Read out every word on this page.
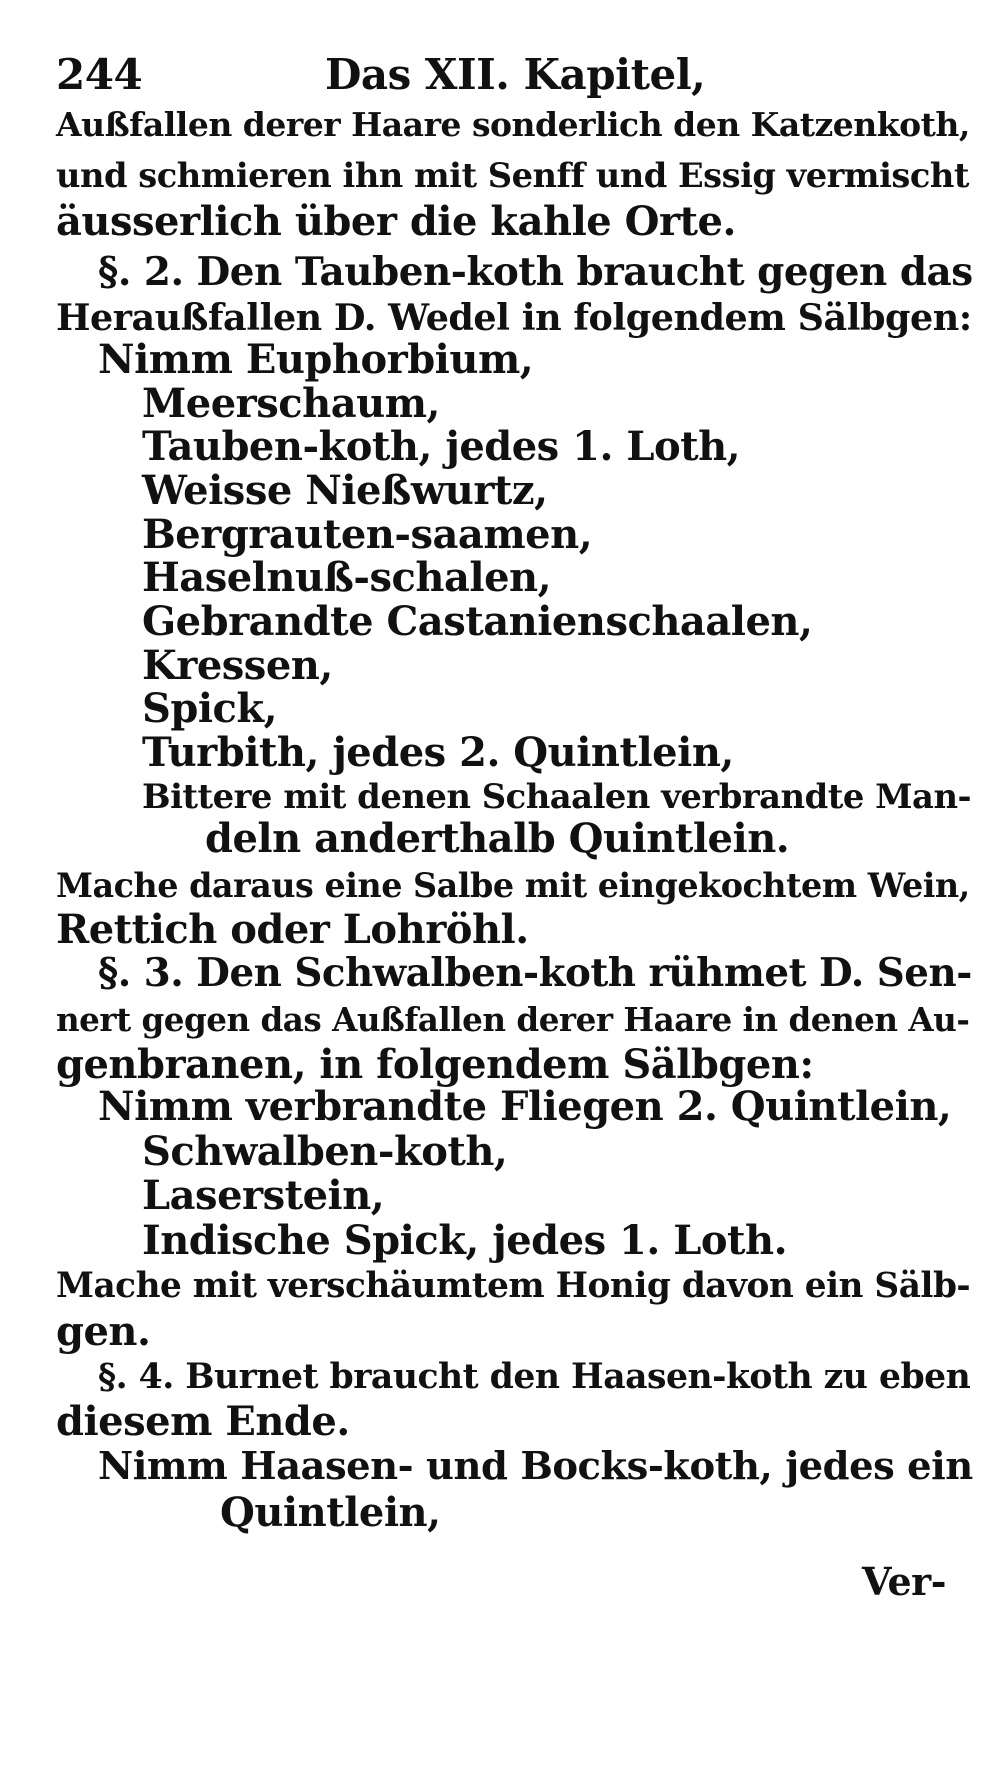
244	Das XII. Kapitel,
Außfallen derer Haare sonderlich den Katzenkoth,
und schmieren ihn mit Senff und Essig vermischt
äusserlich über die kahle Orte.
§. 2. Den Tauben-koth braucht gegen das
Heraußfallen D. Wedel in folgendem Sälbgen:
Nimm Euphorbium,
Meerschaum,
Tauben-koth, jedes 1. Loth,
Weisse Nießwurtz,
Bergrauten-saamen,
Haselnuß-schalen,
Gebrandte Castanienschaalen,
Kressen,
Spick,
Turbith, jedes 2. Quintlein,
Bittere mit denen Schaalen verbrandte Man-
deln anderthalb Quintlein.
Mache daraus eine Salbe mit eingekochtem Wein,
Rettich oder Lohröhl.
§. 3. Den Schwalben-koth rühmet D. Sen-
nert gegen das Außfallen derer Haare in denen Au-
genbranen, in folgendem Sälbgen:
Nimm verbrandte Fliegen 2. Quintlein,
Schwalben-koth,
Laserstein,
Indische Spick, jedes 1. Loth.
Mache mit verschäumtem Honig davon ein Sälb-
gen.
§. 4. Burnet braucht den Haasen-koth zu eben
diesem Ende.
Nimm Haasen- und Bocks-koth, jedes ein
Quintlein,
Ver-
